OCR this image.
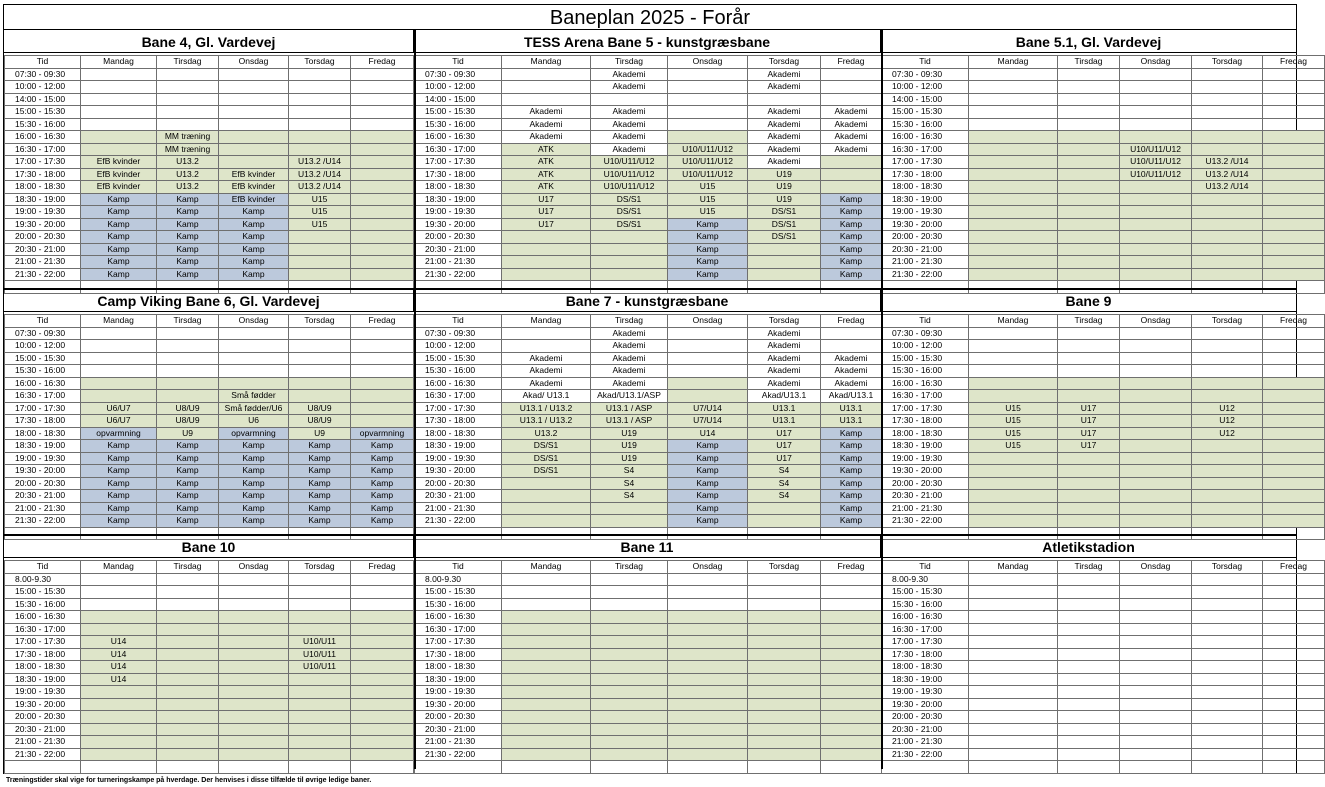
Baneplan 2025 - Forår
Bane 4, Gl. Vardevej
Tid	Mandag	Tirsdag	Onsdag	Torsdag	Fredag
07:30 - 09:30					
10:00 - 12:00					
14:00 - 15:00					
15:00 - 15:30					
15:30 - 16:00					
16:00 - 16:30		MM træning			
16:30 - 17:00		MM træning			
17:00 - 17:30	EfB kvinder	U13.2		U13.2 /U14	
17:30 - 18:00	EfB kvinder	U13.2	EfB kvinder	U13.2 /U14	
18:00 - 18:30	EfB kvinder	U13.2	EfB kvinder	U13.2 /U14	
18:30 - 19:00	Kamp	Kamp	EfB kvinder	U15	
19:00 - 19:30	Kamp	Kamp	Kamp	U15	
19:30 - 20:00	Kamp	Kamp	Kamp	U15	
20:00 - 20:30	Kamp	Kamp	Kamp		
20:30 - 21:00	Kamp	Kamp	Kamp		
21:00 - 21:30	Kamp	Kamp	Kamp		
21:30 - 22:00	Kamp	Kamp	Kamp		

TESS Arena Bane 5 - kunstgræsbane
Tid	Mandag	Tirsdag	Onsdag	Torsdag	Fredag
07:30 - 09:30		Akademi		Akademi	
10:00 - 12:00		Akademi		Akademi	
14:00 - 15:00					
15:00 - 15:30	Akademi	Akademi		Akademi	Akademi
15:30 - 16:00	Akademi	Akademi		Akademi	Akademi
16:00 - 16:30	Akademi	Akademi		Akademi	Akademi
16:30 - 17:00	ATK	Akademi	U10/U11/U12	Akademi	Akademi
17:00 - 17:30	ATK	U10/U11/U12	U10/U11/U12	Akademi	
17:30 - 18:00	ATK	U10/U11/U12	U10/U11/U12	U19	
18:00 - 18:30	ATK	U10/U11/U12	U15	U19	
18:30 - 19:00	U17	DS/S1	U15	U19	Kamp
19:00 - 19:30	U17	DS/S1	U15	DS/S1	Kamp
19:30 - 20:00	U17	DS/S1	Kamp	DS/S1	Kamp
20:00 - 20:30			Kamp	DS/S1	Kamp
20:30 - 21:00			Kamp		Kamp
21:00 - 21:30			Kamp		Kamp
21:30 - 22:00			Kamp		Kamp

Bane 5.1, Gl. Vardevej
Tid	Mandag	Tirsdag	Onsdag	Torsdag	Fredag
07:30 - 09:30					
10:00 - 12:00					
14:00 - 15:00					
15:00 - 15:30					
15:30 - 16:00					
16:00 - 16:30					
16:30 - 17:00			U10/U11/U12		
17:00 - 17:30			U10/U11/U12	U13.2 /U14	
17:30 - 18:00			U10/U11/U12	U13.2 /U14	
18:00 - 18:30				U13.2 /U14	
18:30 - 19:00					
19:00 - 19:30					
19:30 - 20:00					
20:00 - 20:30					
20:30 - 21:00					
21:00 - 21:30					
21:30 - 22:00					

Camp Viking Bane 6, Gl. Vardevej
Tid	Mandag	Tirsdag	Onsdag	Torsdag	Fredag
07:30 - 09:30					
10:00 - 12:00					
15:00 - 15:30					
15:30 - 16:00					
16:00 - 16:30					
16:30 - 17:00			Små fødder		
17:00 - 17:30	U6/U7	U8/U9	Små fødder/U6	U8/U9	
17:30 - 18:00	U6/U7	U8/U9	U6	U8/U9	
18:00 - 18:30	opvarmning	U9	opvarmning	U9	opvarmning
18:30 - 19:00	Kamp	Kamp	Kamp	Kamp	Kamp
19:00 - 19:30	Kamp	Kamp	Kamp	Kamp	Kamp
19:30 - 20:00	Kamp	Kamp	Kamp	Kamp	Kamp
20:00 - 20:30	Kamp	Kamp	Kamp	Kamp	Kamp
20:30 - 21:00	Kamp	Kamp	Kamp	Kamp	Kamp
21:00 - 21:30	Kamp	Kamp	Kamp	Kamp	Kamp
21:30 - 22:00	Kamp	Kamp	Kamp	Kamp	Kamp

Bane 7 - kunstgræsbane
Tid	Mandag	Tirsdag	Onsdag	Torsdag	Fredag
07:30 - 09:30		Akademi		Akademi	
10:00 - 12:00		Akademi		Akademi	
15:00 - 15:30	Akademi	Akademi		Akademi	Akademi
15:30 - 16:00	Akademi	Akademi		Akademi	Akademi
16:00 - 16:30	Akademi	Akademi		Akademi	Akademi
16:30 - 17:00	Akad/ U13.1	Akad/U13.1/ASP		Akad/U13.1	Akad/U13.1
17:00 - 17:30	U13.1 / U13.2	U13.1 / ASP	U7/U14	U13.1	U13.1
17:30 - 18:00	U13.1 / U13.2	U13.1 / ASP	U7/U14	U13.1	U13.1
18:00 - 18:30	U13.2	U19	U14	U17	Kamp
18:30 - 19:00	DS/S1	U19	Kamp	U17	Kamp
19:00 - 19:30	DS/S1	U19	Kamp	U17	Kamp
19:30 - 20:00	DS/S1	S4	Kamp	S4	Kamp
20:00 - 20:30		S4	Kamp	S4	Kamp
20:30 - 21:00		S4	Kamp	S4	Kamp
21:00 - 21:30			Kamp		Kamp
21:30 - 22:00			Kamp		Kamp

Bane 9
Tid	Mandag	Tirsdag	Onsdag	Torsdag	Fredag
07:30 - 09:30					
10:00 - 12:00					
15:00 - 15:30					
15:30 - 16:00					
16:00 - 16:30					
16:30 - 17:00					
17:00 - 17:30	U15	U17		U12	
17:30 - 18:00	U15	U17		U12	
18:00 - 18:30	U15	U17		U12	
18:30 - 19:00	U15	U17			
19:00 - 19:30					
19:30 - 20:00					
20:00 - 20:30					
20:30 - 21:00					
21:00 - 21:30					
21:30 - 22:00					

Bane 10
Tid	Mandag	Tirsdag	Onsdag	Torsdag	Fredag
8.00-9.30					
15:00 - 15:30					
15:30 - 16:00					
16:00 - 16:30					
16:30 - 17:00					
17:00 - 17:30	U14			U10/U11	
17:30 - 18:00	U14			U10/U11	
18:00 - 18:30	U14			U10/U11	
18:30 - 19:00	U14				
19:00 - 19:30					
19:30 - 20:00					
20:00 - 20:30					
20:30 - 21:00					
21:00 - 21:30					
21:30 - 22:00					

Bane 11
Tid	Mandag	Tirsdag	Onsdag	Torsdag	Fredag
8.00-9.30					
15:00 - 15:30					
15:30 - 16:00					
16:00 - 16:30					
16:30 - 17:00					
17:00 - 17:30					
17:30 - 18:00					
18:00 - 18:30					
18:30 - 19:00					
19:00 - 19:30					
19:30 - 20:00					
20:00 - 20:30					
20:30 - 21:00					
21:00 - 21:30					
21:30 - 22:00					

Atletikstadion
Tid	Mandag	Tirsdag	Onsdag	Torsdag	Fredag
8.00-9.30					
15:00 - 15:30					
15:30 - 16:00					
16:00 - 16:30					
16:30 - 17:00					
17:00 - 17:30					
17:30 - 18:00					
18:00 - 18:30					
18:30 - 19:00					
19:00 - 19:30					
19:30 - 20:00					
20:00 - 20:30					
20:30 - 21:00					
21:00 - 21:30					
21:30 - 22:00					

Træningstider skal vige for turneringskampe på hverdage. Der henvises i disse tilfælde til øvrige ledige baner.
